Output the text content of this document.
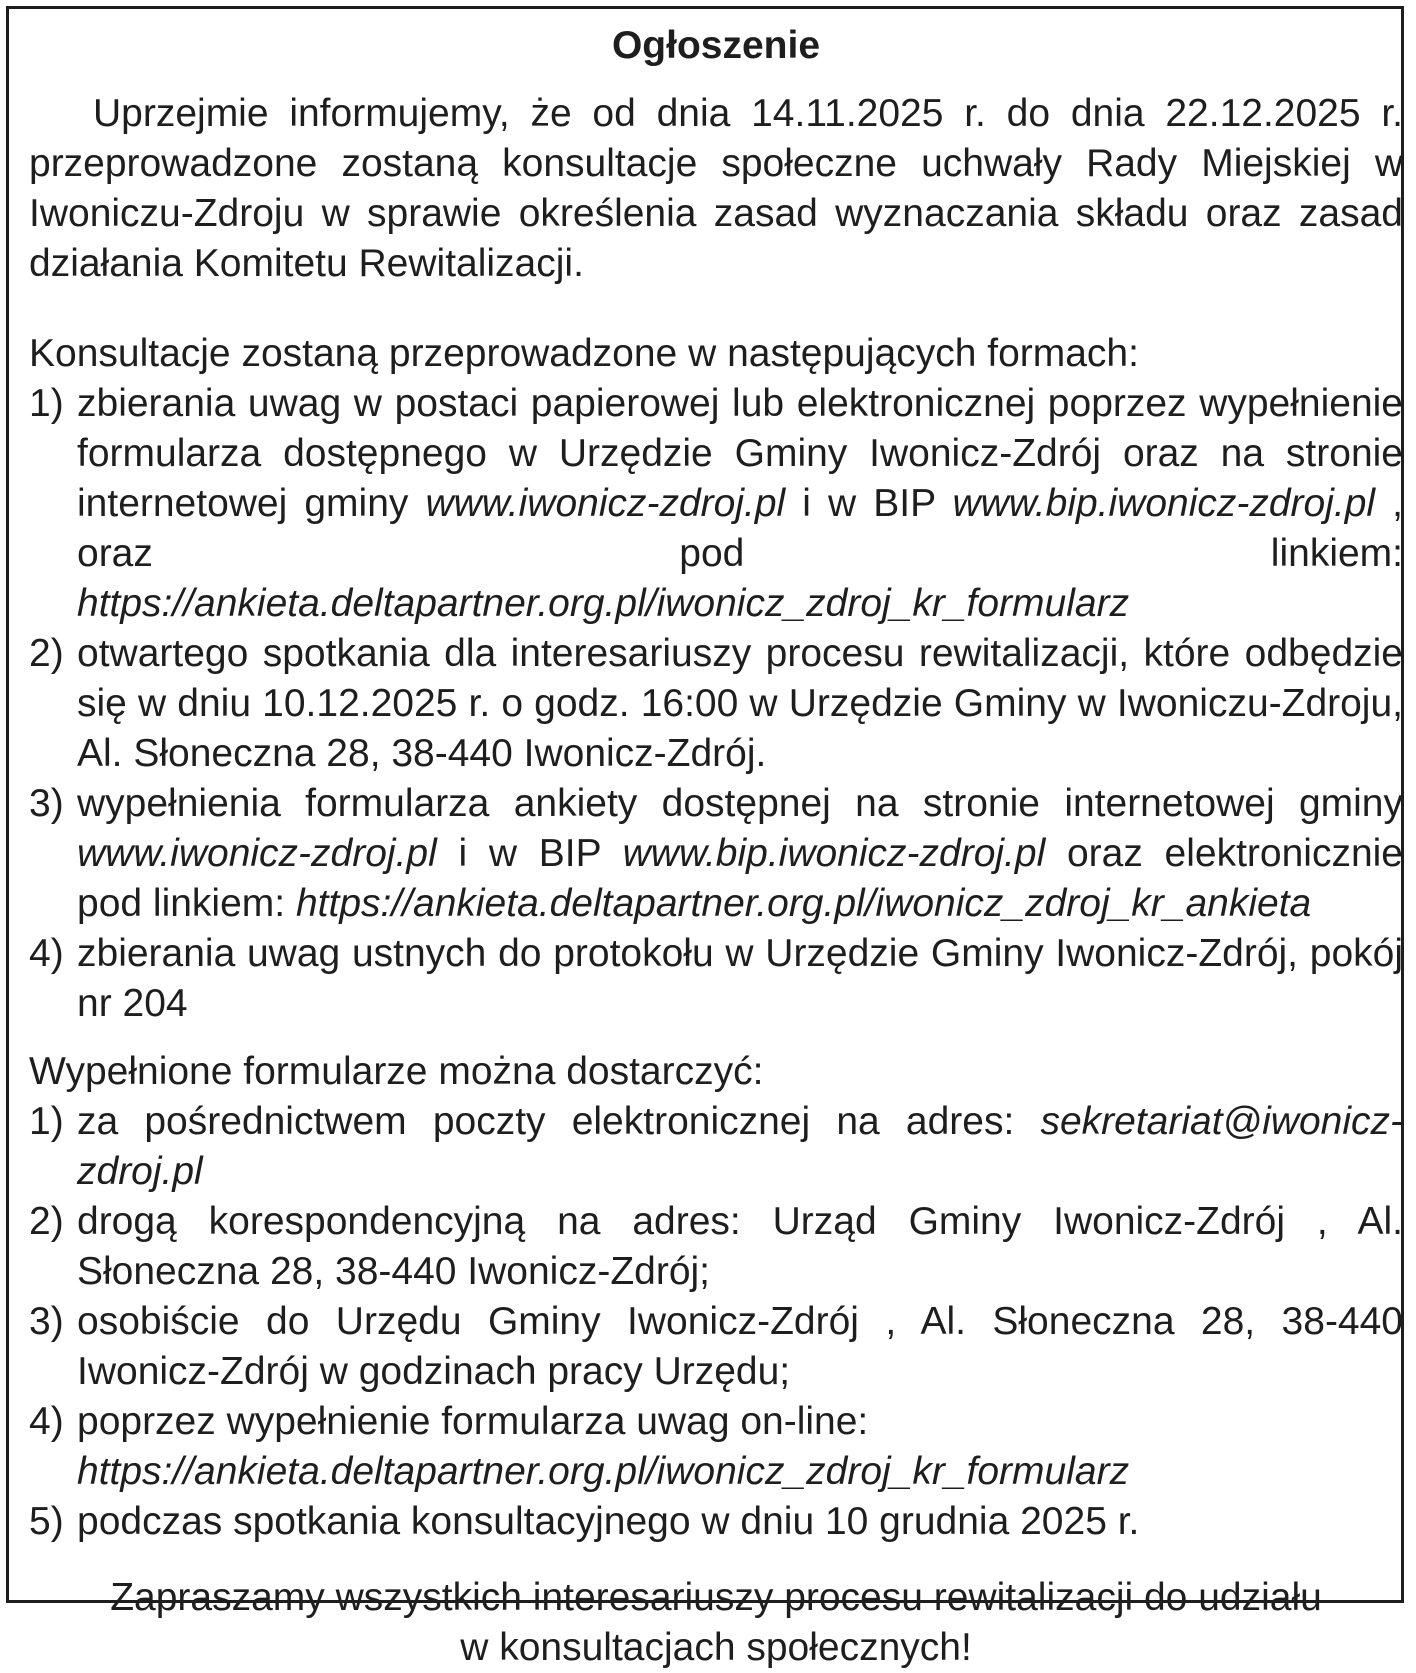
Ogłoszenie

Uprzejmie informujemy, że od dnia 14.11.2025 r. do dnia 22.12.2025 r. przeprowadzone zostaną konsultacje społeczne uchwały Rady Miejskiej w Iwoniczu-Zdroju w sprawie określenia zasad wyznaczania składu oraz zasad działania Komitetu Rewitalizacji.

Konsultacje zostaną przeprowadzone w następujących formach:

1) zbierania uwag w postaci papierowej lub elektronicznej poprzez wypełnienie formularza dostępnego w Urzędzie Gminy Iwonicz-Zdrój oraz na stronie internetowej gminy www.iwonicz-zdroj.pl i w BIP www.bip.iwonicz-zdroj.pl , oraz pod linkiem: https://ankieta.deltapartner.org.pl/iwonicz_zdroj_kr_formularz
2) otwartego spotkania dla interesariuszy procesu rewitalizacji, które odbędzie się w dniu 10.12.2025 r. o godz. 16:00 w Urzędzie Gminy w Iwoniczu-Zdroju, Al. Słoneczna 28, 38-440 Iwonicz-Zdrój.
3) wypełnienia formularza ankiety dostępnej na stronie internetowej gminy www.iwonicz-zdroj.pl i w BIP www.bip.iwonicz-zdroj.pl oraz elektronicznie pod linkiem: https://ankieta.deltapartner.org.pl/iwonicz_zdroj_kr_ankieta
4) zbierania uwag ustnych do protokołu w Urzędzie Gminy Iwonicz-Zdrój, pokój nr 204

Wypełnione formularze można dostarczyć:

1) za pośrednictwem poczty elektronicznej na adres: sekretariat@iwonicz-zdroj.pl
2) drogą korespondencyjną na adres: Urząd Gminy Iwonicz-Zdrój , Al. Słoneczna 28, 38-440 Iwonicz-Zdrój;
3) osobiście do Urzędu Gminy Iwonicz-Zdrój , Al. Słoneczna 28, 38-440 Iwonicz-Zdrój w godzinach pracy Urzędu;
4) poprzez wypełnienie formularza uwag on-line:
https://ankieta.deltapartner.org.pl/iwonicz_zdroj_kr_formularz
5) podczas spotkania konsultacyjnego w dniu 10 grudnia 2025 r.

Zapraszamy wszystkich interesariuszy procesu rewitalizacji do udziału
w konsultacjach społecznych!
